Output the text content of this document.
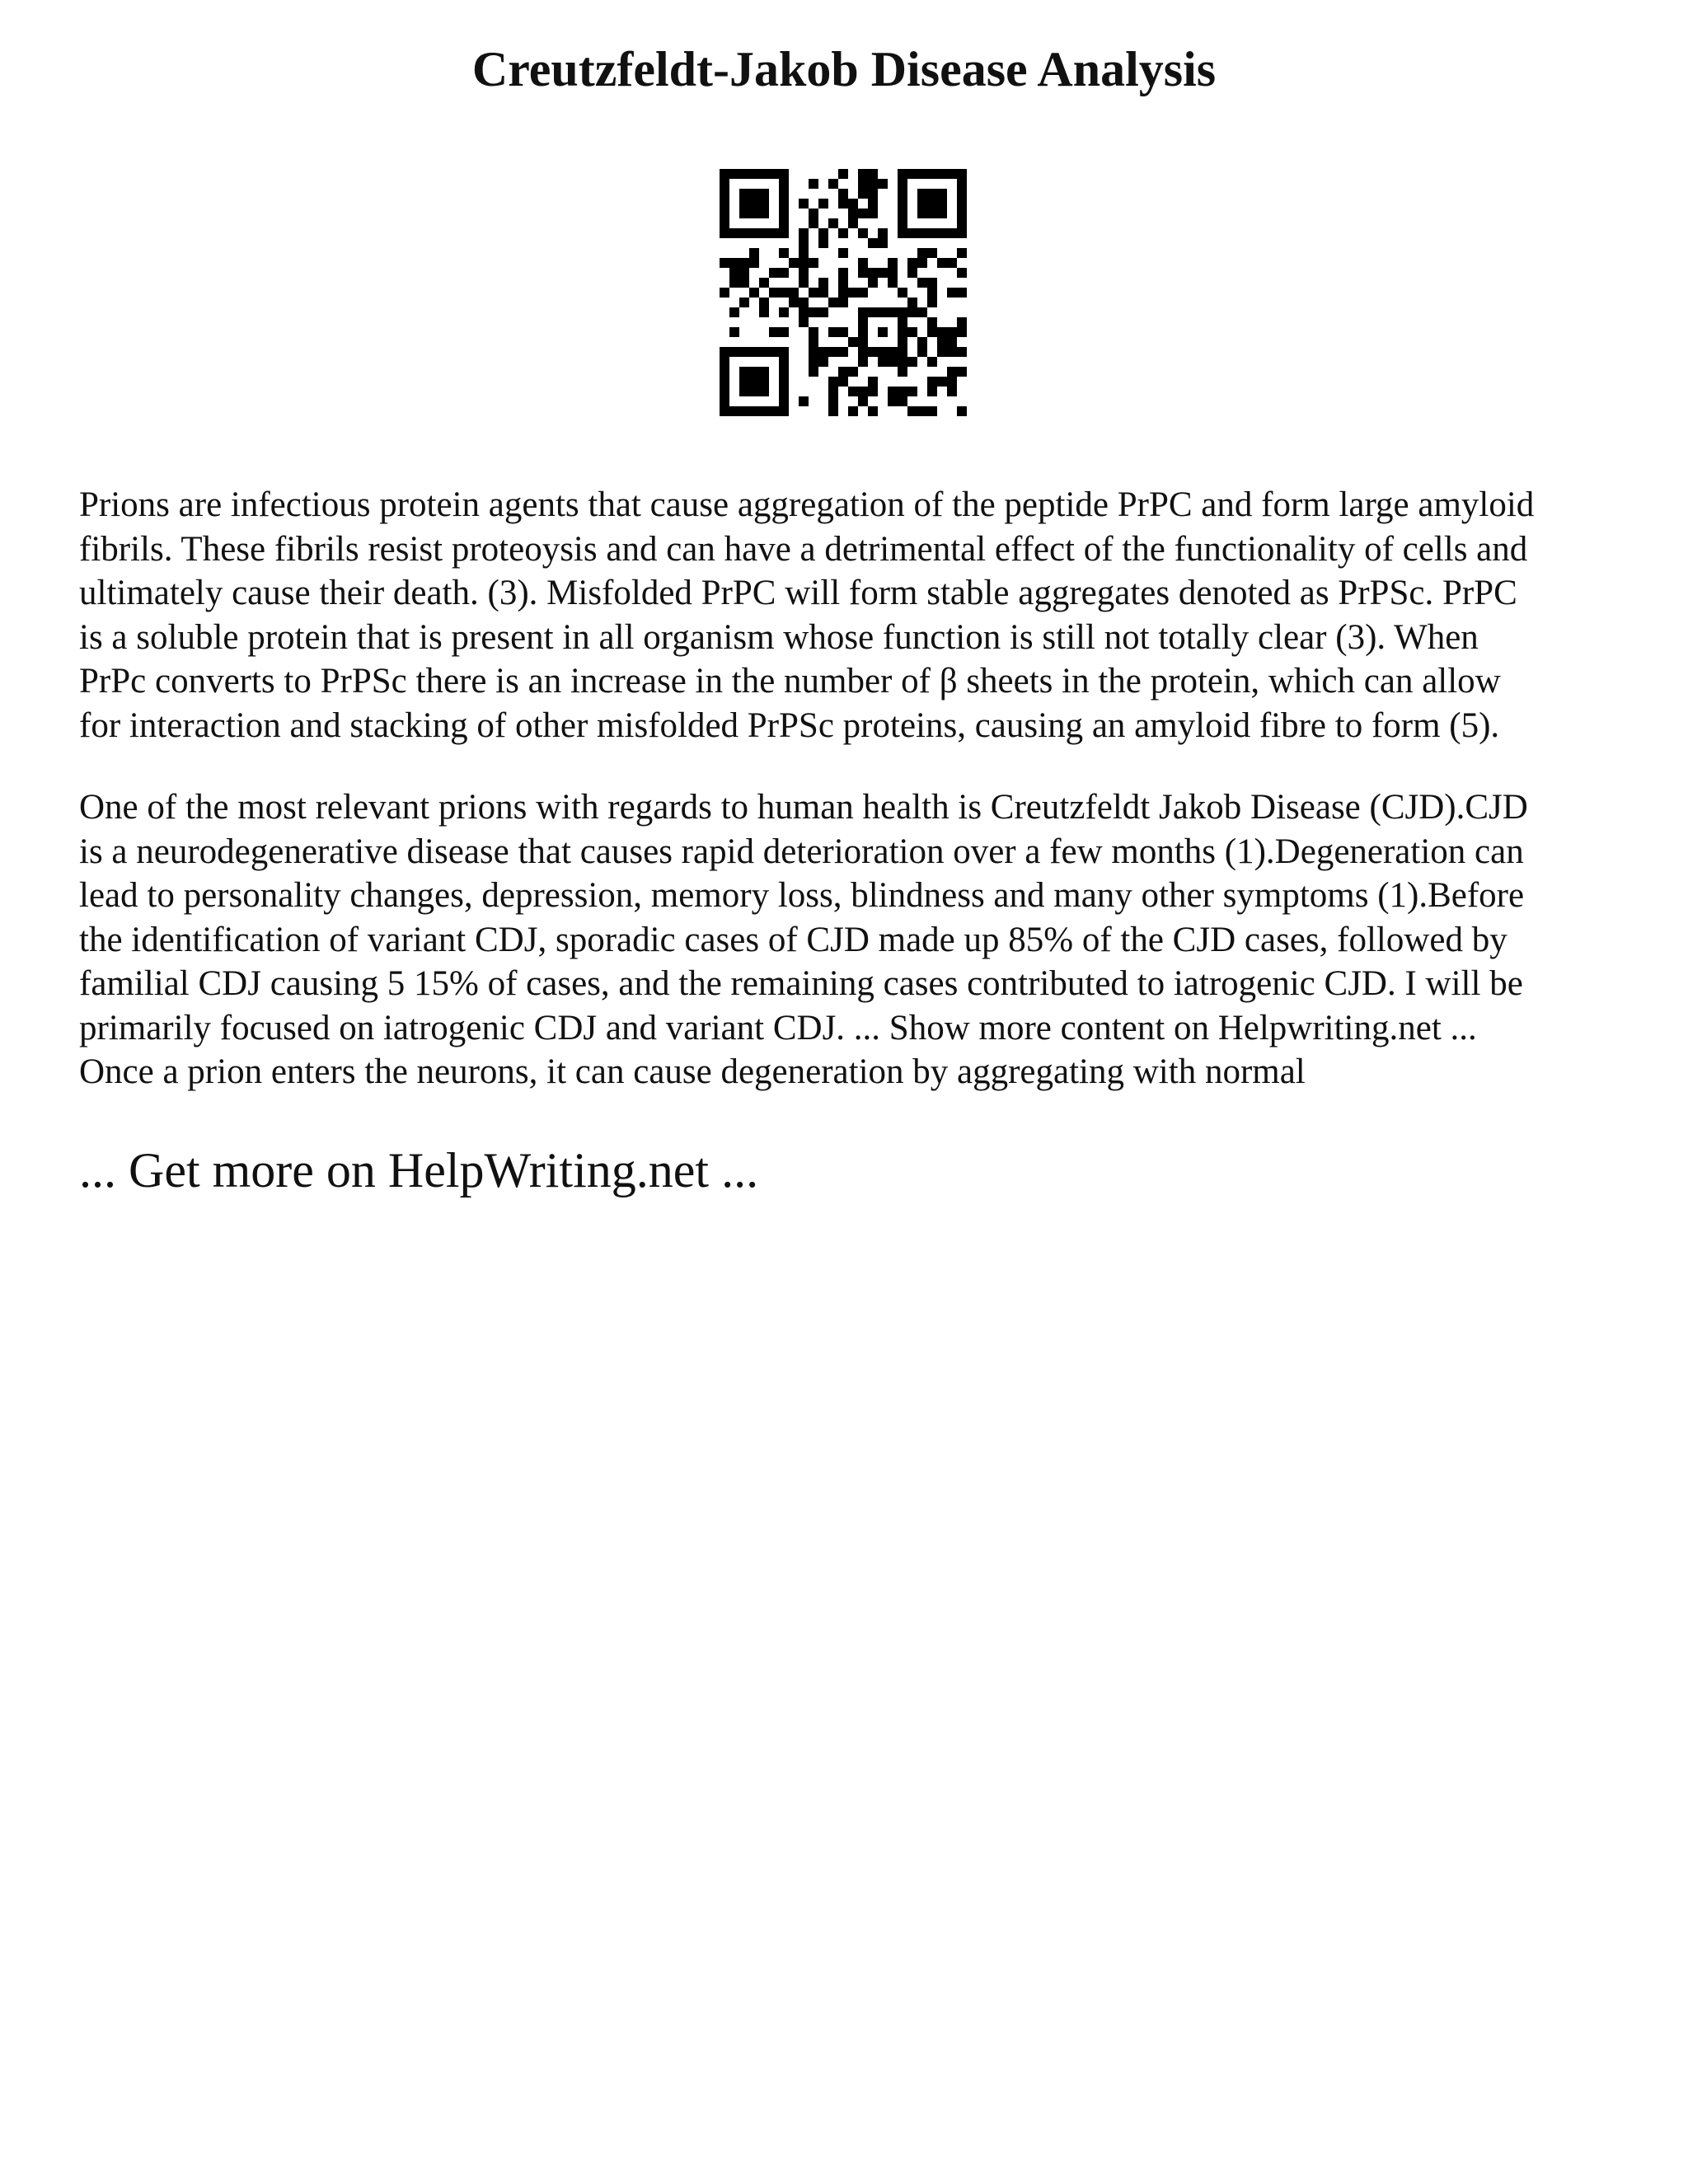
Creutzfeldt-Jakob Disease Analysis

Prions are infectious protein agents that cause aggregation of the peptide PrPC and form large amyloid
fibrils. These fibrils resist proteoysis and can have a detrimental effect of the functionality of cells and
ultimately cause their death. (3). Misfolded PrPC will form stable aggregates denoted as PrPSc. PrPC
is a soluble protein that is present in all organism whose function is still not totally clear (3). When
PrPc converts to PrPSc there is an increase in the number of β sheets in the protein, which can allow
for interaction and stacking of other misfolded PrPSc proteins, causing an amyloid fibre to form (5).

One of the most relevant prions with regards to human health is Creutzfeldt Jakob Disease (CJD).CJD
is a neurodegenerative disease that causes rapid deterioration over a few months (1).Degeneration can
lead to personality changes, depression, memory loss, blindness and many other symptoms (1).Before
the identification of variant CDJ, sporadic cases of CJD made up 85% of the CJD cases, followed by
familial CDJ causing 5 15% of cases, and the remaining cases contributed to iatrogenic CJD. I will be
primarily focused on iatrogenic CDJ and variant CDJ. ... Show more content on Helpwriting.net ...
Once a prion enters the neurons, it can cause degeneration by aggregating with normal

... Get more on HelpWriting.net ...
